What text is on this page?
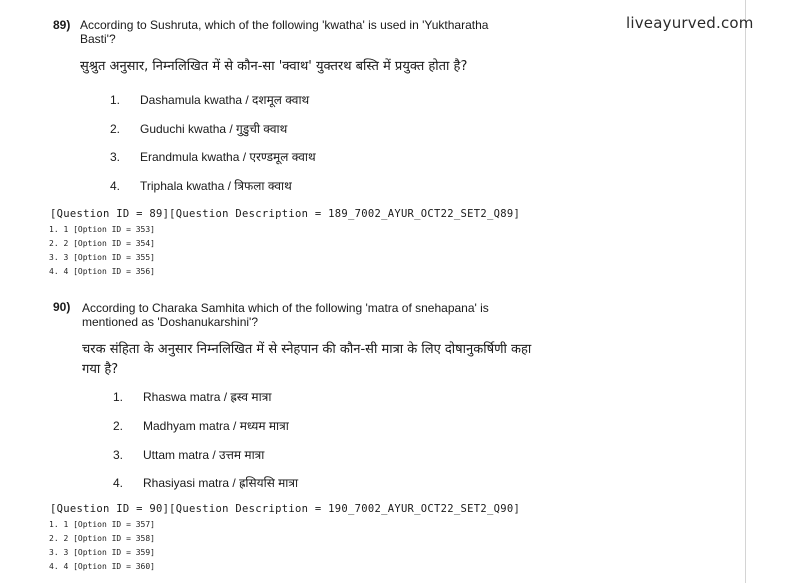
liveayurved.com
89) According to Sushruta, which of the following 'kwatha' is used in 'Yuktharatha
Basti'?
सुश्रुत अनुसार, निम्नलिखित में से कौन-सा 'क्वाथ' युक्तरथ बस्ति में प्रयुक्त होता है?
1. Dashamula kwatha / दशमूल क्वाथ
2. Guduchi kwatha / गुडुची क्वाथ
3. Erandmula kwatha / एरण्डमूल क्वाथ
4. Triphala kwatha / त्रिफला क्वाथ
[Question ID = 89][Question Description = 189_7002_AYUR_OCT22_SET2_Q89]
1. 1 [Option ID = 353]
2. 2 [Option ID = 354]
3. 3 [Option ID = 355]
4. 4 [Option ID = 356]
90) According to Charaka Samhita which of the following 'matra of snehapana' is
mentioned as 'Doshanukarshini'?
चरक संहिता के अनुसार निम्नलिखित में से स्नेहपान की कौन-सी मात्रा के लिए दोषानुकर्षिणी कहा
गया है?
1. Rhaswa matra / ह्रस्व मात्रा
2. Madhyam matra / मध्यम मात्रा
3. Uttam matra / उत्तम मात्रा
4. Rhasiyasi matra / ह्रसियसि मात्रा
[Question ID = 90][Question Description = 190_7002_AYUR_OCT22_SET2_Q90]
1. 1 [Option ID = 357]
2. 2 [Option ID = 358]
3. 3 [Option ID = 359]
4. 4 [Option ID = 360]
